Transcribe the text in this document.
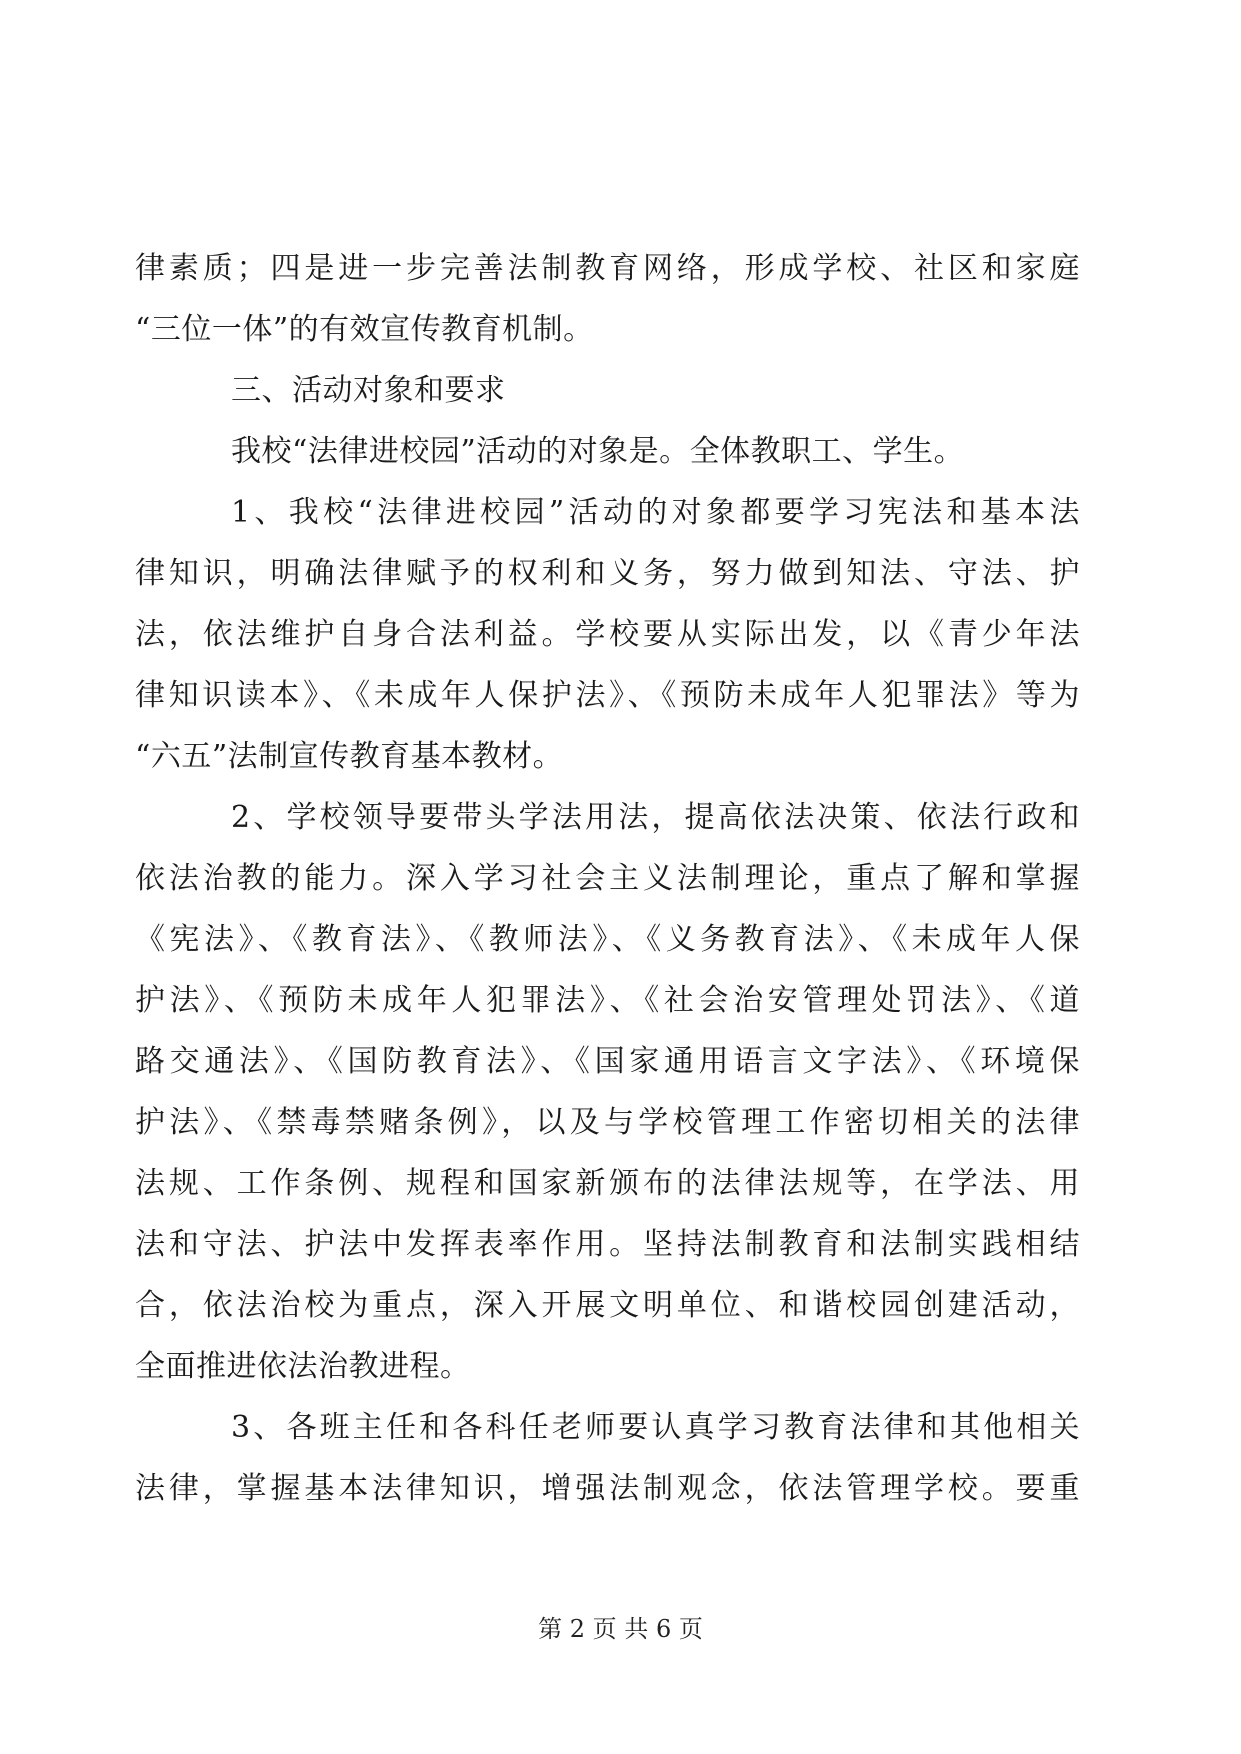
律素质；四是进一步完善法制教育网络，形成学校、社区和家庭
“三位一体”的有效宣传教育机制。
三、活动对象和要求
我校“法律进校园”活动的对象是。全体教职工、学生。
1、我校“法律进校园”活动的对象都要学习宪法和基本法
律知识，明确法律赋予的权利和义务，努力做到知法、守法、护
法，依法维护自身合法利益。学校要从实际出发，以《青少年法
律知识读本》、《未成年人保护法》、《预防未成年人犯罪法》等为
“六五”法制宣传教育基本教材。
2、学校领导要带头学法用法，提高依法决策、依法行政和
依法治教的能力。深入学习社会主义法制理论，重点了解和掌握
《宪法》、《教育法》、《教师法》、《义务教育法》、《未成年人保
护法》、《预防未成年人犯罪法》、《社会治安管理处罚法》、《道
路交通法》、《国防教育法》、《国家通用语言文字法》、《环境保
护法》、《禁毒禁赌条例》，以及与学校管理工作密切相关的法律
法规、工作条例、规程和国家新颁布的法律法规等，在学法、用
法和守法、护法中发挥表率作用。坚持法制教育和法制实践相结
合，依法治校为重点，深入开展文明单位、和谐校园创建活动，
全面推进依法治教进程。
3、各班主任和各科任老师要认真学习教育法律和其他相关
法律，掌握基本法律知识，增强法制观念，依法管理学校。要重
第 2 页 共 6 页
